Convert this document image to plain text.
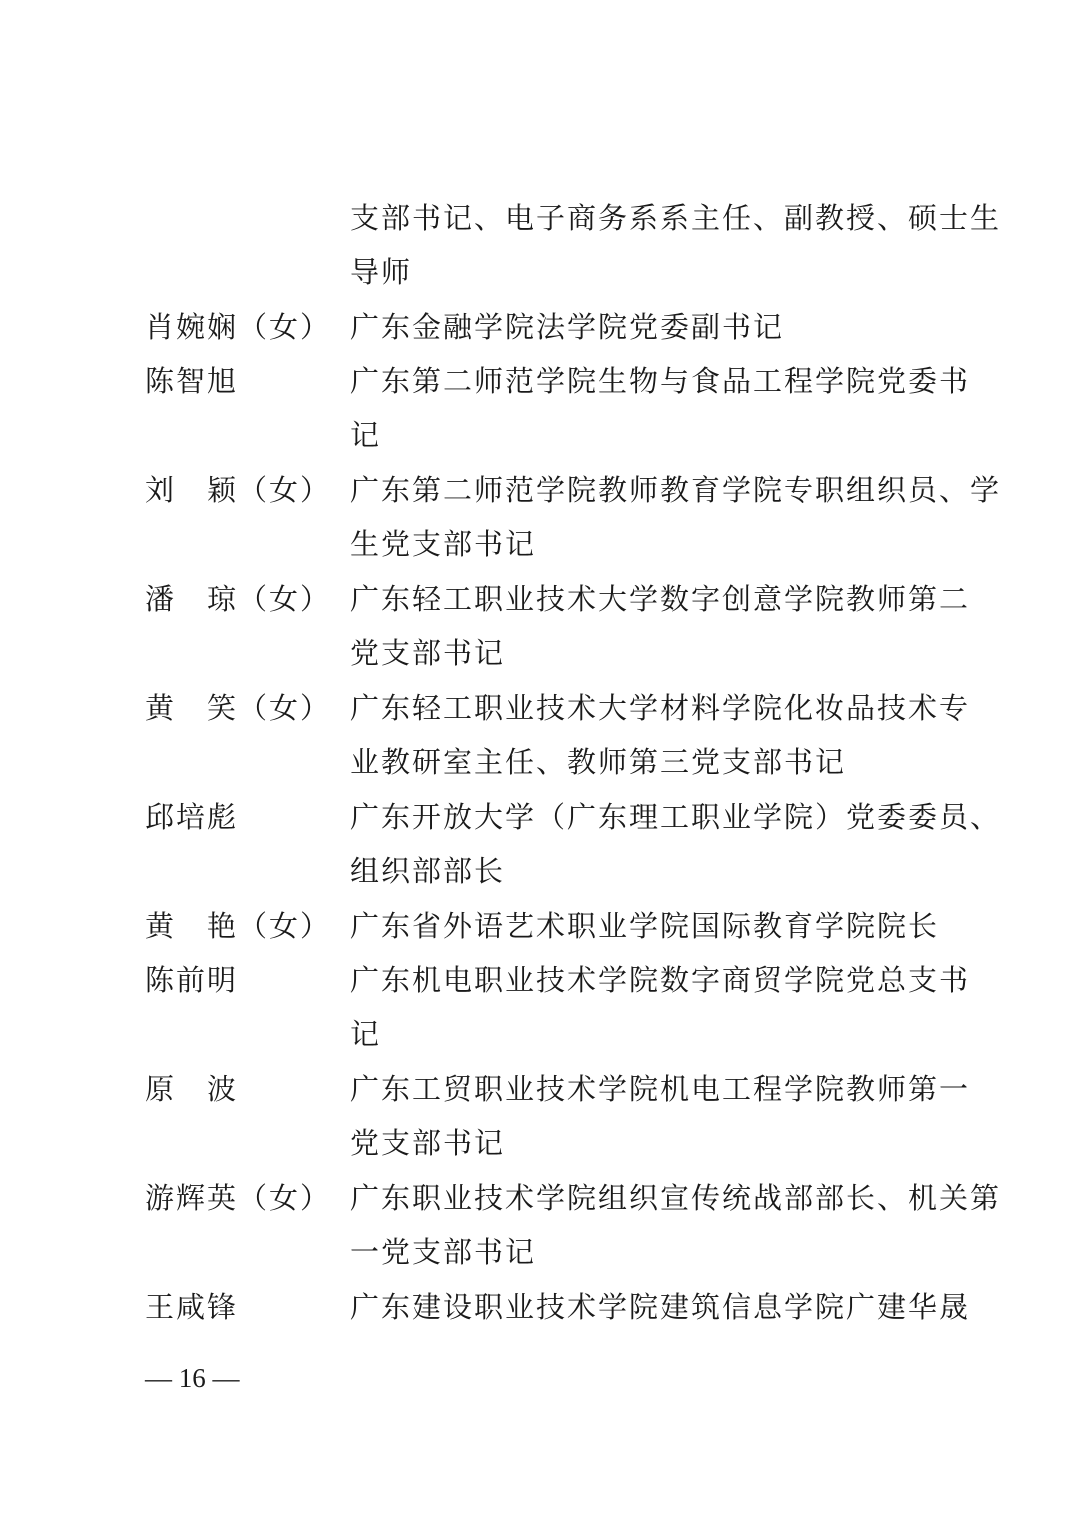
支部书记、电子商务系系主任、副教授、硕士生
导师
肖婉娴（女） 广东金融学院法学院党委副书记
陈智旭	广东第二师范学院生物与食品工程学院党委书
记
刘　颖（女） 广东第二师范学院教师教育学院专职组织员、学
生党支部书记
潘　琼（女） 广东轻工职业技术大学数字创意学院教师第二
党支部书记
黄　笑（女） 广东轻工职业技术大学材料学院化妆品技术专
业教研室主任、教师第三党支部书记
邱培彪	广东开放大学（广东理工职业学院）党委委员、
组织部部长
黄　艳（女） 广东省外语艺术职业学院国际教育学院院长
陈前明	广东机电职业技术学院数字商贸学院党总支书
记
原　波	广东工贸职业技术学院机电工程学院教师第一
党支部书记
游辉英（女） 广东职业技术学院组织宣传统战部部长、机关第
一党支部书记
王咸锋	广东建设职业技术学院建筑信息学院广建华晟
— 16 —
